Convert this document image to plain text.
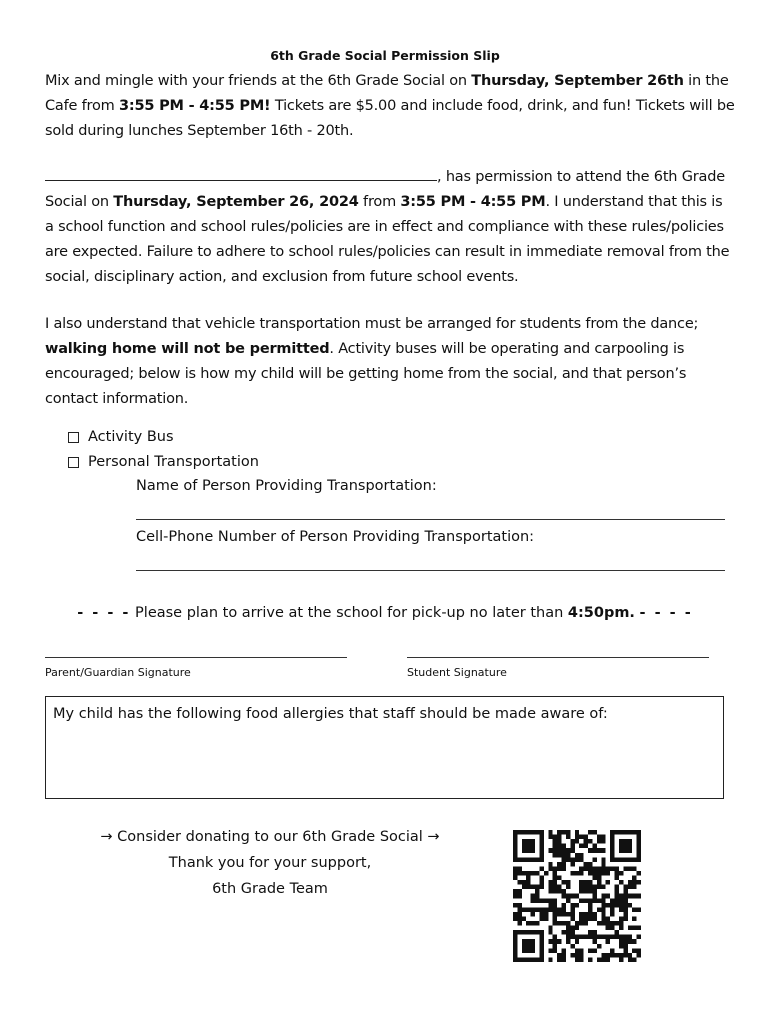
6th Grade Social Permission Slip
Mix and mingle with your friends at the 6th Grade Social on Thursday, September 26th in the Cafe from 3:55 PM - 4:55 PM! Tickets are $5.00 and include food, drink, and fun! Tickets will be sold during lunches September 16th - 20th.
, has permission to attend the 6th Grade Social on Thursday, September 26, 2024 from 3:55 PM - 4:55 PM. I understand that this is a school function and school rules/policies are in effect and compliance with these rules/policies are expected. Failure to adhere to school rules/policies can result in immediate removal from the social, disciplinary action, and exclusion from future school events.
I also understand that vehicle transportation must be arranged for students from the dance; walking home will not be permitted. Activity buses will be operating and carpooling is encouraged; below is how my child will be getting home from the social, and that person’s contact information.
Activity Bus
Personal Transportation
Name of Person Providing Transportation:
Cell-Phone Number of Person Providing Transportation:
- - - - Please plan to arrive at the school for pick-up no later than 4:50pm. - - - -
Parent/Guardian Signature	Student Signature
My child has the following food allergies that staff should be made aware of:
→ Consider donating to our 6th Grade Social →
Thank you for your support,
6th Grade Team
